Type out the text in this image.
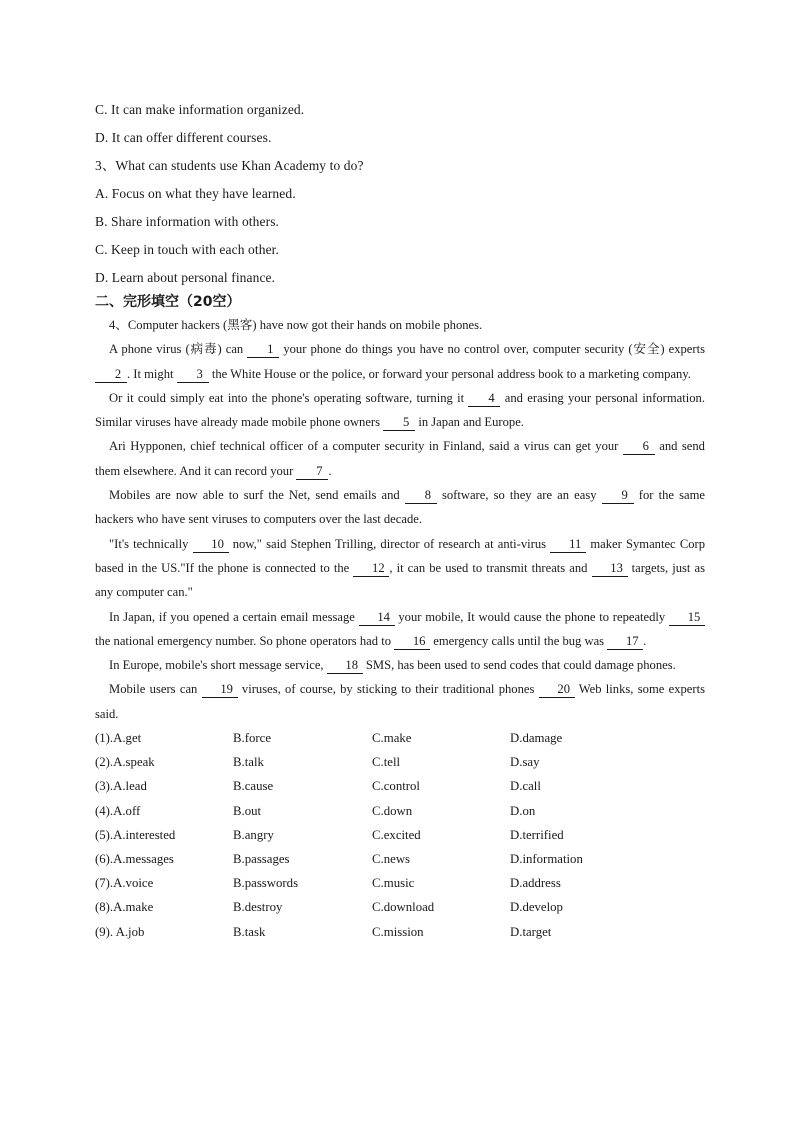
C. It can make information organized.
D. It can offer different courses.
3、What can students use Khan Academy to do?
A. Focus on what they have learned.
B. Share information with others.
C. Keep in touch with each other.
D. Learn about personal finance.
二、完形填空（20空）

4、Computer hackers (黑客) have now got their hands on mobile phones.

A phone virus (病毒) can 1 your phone do things you have no control over, computer security (安全) experts 2 . It might 3 the White House or the police, or forward your personal address book to a marketing company.

Or it could simply eat into the phone's operating software, turning it 4 and erasing your personal information. Similar viruses have already made mobile phone owners 5 in Japan and Europe.

Ari Hypponen, chief technical officer of a computer security in Finland, said a virus can get your 6 and send them elsewhere. And it can record your 7 .

Mobiles are now able to surf the Net, send emails and 8 software, so they are an easy 9 for the same hackers who have sent viruses to computers over the last decade.

"It's technically 10 now," said Stephen Trilling, director of research at anti-virus 11 maker Symantec Corp based in the US."If the phone is connected to the 12 , it can be used to transmit threats and 13 targets, just as any computer can."

In Japan, if you opened a certain email message 14 your mobile, It would cause the phone to repeatedly 15 the national emergency number. So phone operators had to 16 emergency calls until the bug was 17 .

In Europe, mobile's short message service, 18 SMS, has been used to send codes that could damage phones.

Mobile users can 19 viruses, of course, by sticking to their traditional phones 20 Web links, some experts said.

(1).A.get	B.force	C.make	D.damage
(2).A.speak	B.talk	C.tell	D.say
(3).A.lead	B.cause	C.control	D.call
(4).A.off	B.out	C.down	D.on
(5).A.interested	B.angry	C.excited	D.terrified
(6).A.messages	B.passages	C.news	D.information
(7).A.voice	B.passwords	C.music	D.address
(8).A.make	B.destroy	C.download	D.develop
(9). A.job	B.task	C.mission	D.target
